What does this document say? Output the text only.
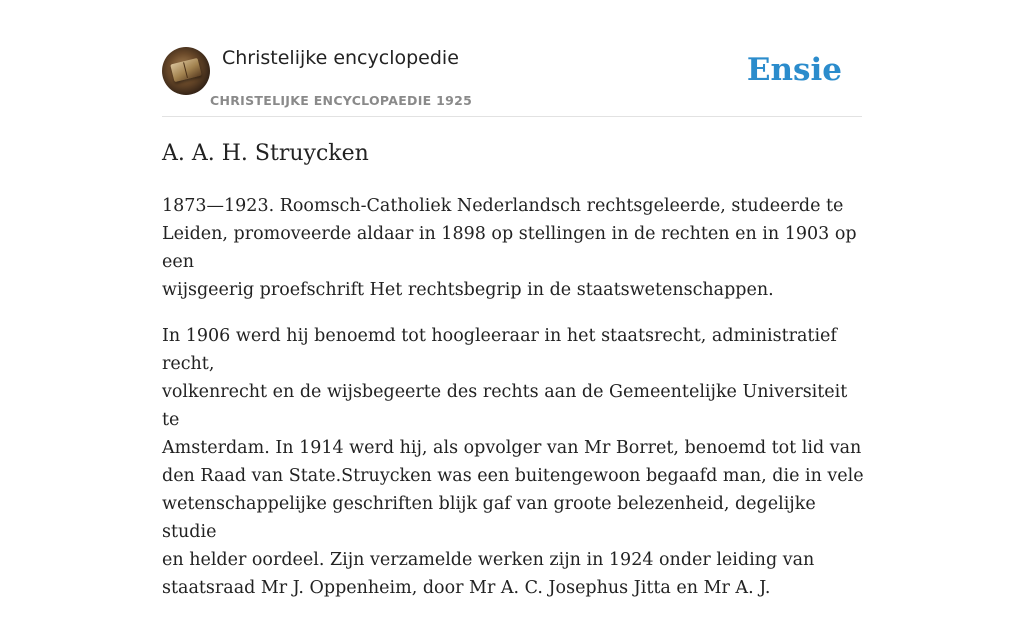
Christelijke encyclopedie
CHRISTELIJKE ENCYCLOPAEDIE 1925
Ensie
A. A. H. Struycken

1873—1923. Roomsch-Catholiek Nederlandsch rechtsgeleerde, studeerde te
Leiden, promoveerde aldaar in 1898 op stellingen in de rechten en in 1903 op een
wijsgeerig proefschrift Het rechtsbegrip in de staatswetenschappen.

In 1906 werd hij benoemd tot hoogleeraar in het staatsrecht, administratief recht,
volkenrecht en de wijsbegeerte des rechts aan de Gemeentelijke Universiteit te
Amsterdam. In 1914 werd hij, als opvolger van Mr Borret, benoemd tot lid van
den Raad van State.Struycken was een buitengewoon begaafd man, die in vele
wetenschappelijke geschriften blijk gaf van groote belezenheid, degelijke studie
en helder oordeel. Zijn verzamelde werken zijn in 1924 onder leiding van
staatsraad Mr J. Oppenheim, door Mr A. C. Josephus Jitta en Mr A. J.
